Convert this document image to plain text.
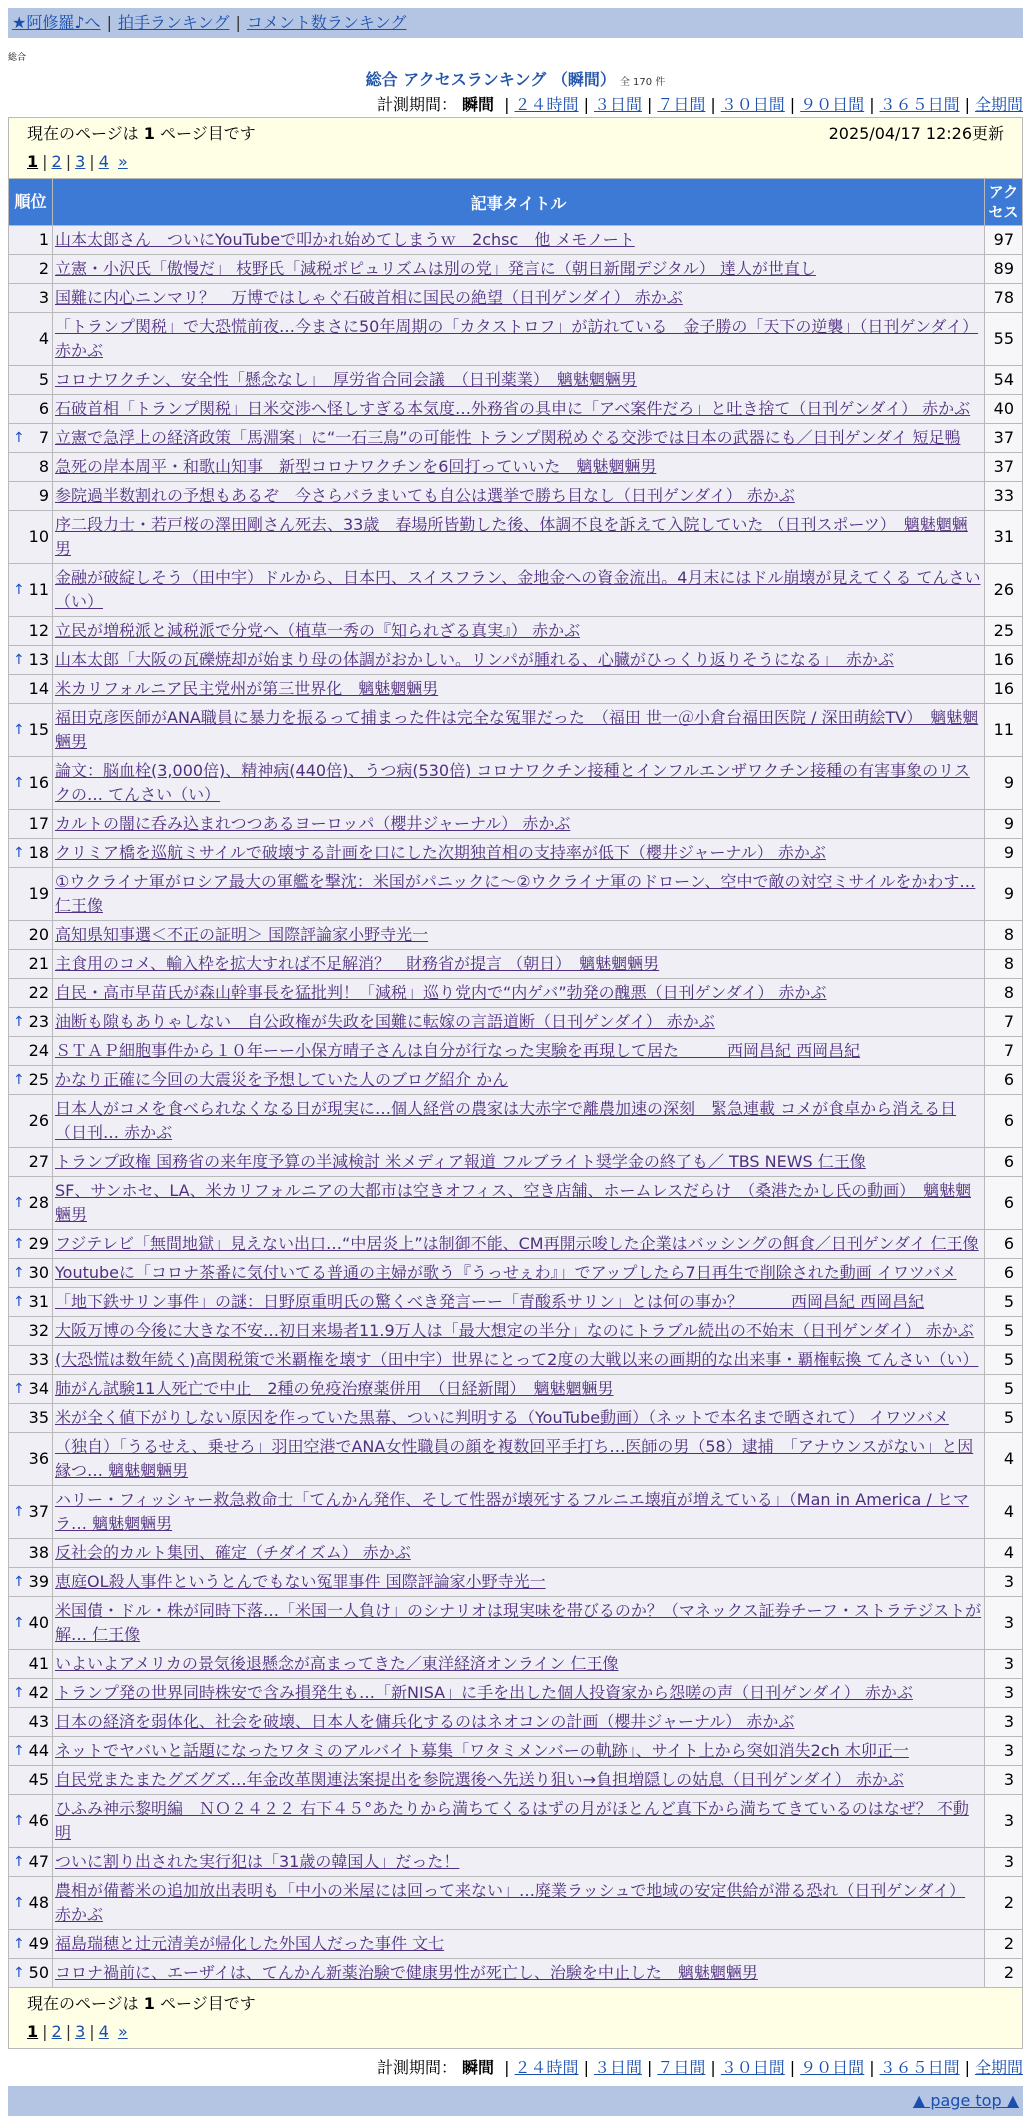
★阿修羅♪へ | 拍手ランキング | コメント数ランキング
総合
総合 アクセスランキング （瞬間） 全 170 件
計測期間： 瞬間 | ２４時間 | ３日間 | ７日間 | ３０日間 | ９０日間 | ３６５日間 | 全期間
現在のページは 1 ページ目です 2025/04/17 12:26更新
1 | 2 | 3 | 4 »		

順位	記事タイトル	アクセス
1	山本太郎さん　ついにYouTubeで叩かれ始めてしまうｗ　2chsc　他 メモノート	97
2	立憲・小沢氏「傲慢だ」 枝野氏「減税ポピュリズムは別の党」発言に（朝日新聞デジタル） 達人が世直し	89
3	国難に内心ニンマリ？　万博ではしゃぐ石破首相に国民の絶望（日刊ゲンダイ） 赤かぶ	78
4	「トランプ関税」で大恐慌前夜…今まさに50年周期の「カタストロフ」が訪れている　金子勝の「天下の逆襲」（日刊ゲンダイ） 赤かぶ	55
5	コロナワクチン、安全性「懸念なし」　厚労省合同会議　（日刊薬業）　魑魅魍魎男	54
6	石破首相「トランプ関税」日米交渉へ怪しすぎる本気度…外務省の具申に「アベ案件だろ」と吐き捨て（日刊ゲンダイ） 赤かぶ	40

↑ 7	立憲で急浮上の経済政策「馬淵案」に“一石三鳥”の可能性 トランプ関税めぐる交渉では日本の武器にも／日刊ゲンダイ 短足鴨	37
8	急死の岸本周平・和歌山知事　新型コロナワクチンを6回打っていいた　魑魅魍魎男	37
9	参院過半数割れの予想もあるぞ　今さらバラまいても自公は選挙で勝ち目なし（日刊ゲンダイ） 赤かぶ	33
10	序二段力士・若戸桜の澤田剛さん死去、33歳　春場所皆勤した後、体調不良を訴えて入院していた （日刊スポーツ）　魑魅魍魎男	31

↑ 11	金融が破綻しそう（田中宇）ドルから、日本円、スイスフラン、金地金への資金流出。4月末にはドル崩壊が見えてくる てんさい（い）	26
12	立民が増税派と減税派で分党へ（植草一秀の『知られざる真実』） 赤かぶ	25

↑ 13	山本太郎「大阪の瓦礫焼却が始まり母の体調がおかしい。リンパが腫れる、心臓がひっくり返りそうになる」　赤かぶ	16
14	米カリフォルニア民主党州が第三世界化　魑魅魍魎男	16

↑ 15	福田克彦医師がANA職員に暴力を振るって捕まった件は完全な冤罪だった　（福田 世一＠小倉台福田医院 / 深田萌絵TV）　魑魅魍魎男	11

↑ 16	論文：脳血栓(3,000倍)、精神病(440倍)、うつ病(530倍) コロナワクチン接種とインフルエンザワクチン接種の有害事象のリスクの… てんさい（い）	9
17	カルトの闇に呑み込まれつつあるヨーロッパ（櫻井ジャーナル） 赤かぶ	9

↑ 18	クリミア橋を巡航ミサイルで破壊する計画を口にした次期独首相の支持率が低下（櫻井ジャーナル） 赤かぶ	9
19	①ウクライナ軍がロシア最大の軍艦を撃沈：米国がパニックに〜②ウクライナ軍のドローン、空中で敵の対空ミサイルをかわす… 仁王像	9
20	高知県知事選＜不正の証明＞ 国際評論家小野寺光一	8
21	主食用のコメ、輸入枠を拡大すれば不足解消？　財務省が提言 （朝日）　魑魅魍魎男	8
22	自民・高市早苗氏が森山幹事長を猛批判！「減税」巡り党内で“内ゲバ”勃発の醜悪（日刊ゲンダイ） 赤かぶ	8

↑ 23	油断も隙もありゃしない　自公政権が失政を国難に転嫁の言語道断（日刊ゲンダイ） 赤かぶ	7
24	ＳＴＡＰ細胞事件から１０年ーー小保方晴子さんは自分が行なった実験を再現して居た　　　西岡昌紀 西岡昌紀	7

↑ 25	かなり正確に今回の大震災を予想していた人のブログ紹介 かん	6
26	日本人がコメを食べられなくなる日が現実に…個人経営の農家は大赤字で離農加速の深刻　緊急連載 コメが食卓から消える日（日刊… 赤かぶ	6
27	トランプ政権 国務省の来年度予算の半減検討 米メディア報道 フルブライト奨学金の終了も／ TBS NEWS 仁王像	6

↑ 28	SF、サンホセ、LA、米カリフォルニアの大都市は空きオフィス、空き店舗、ホームレスだらけ　（桑港たかし氏の動画）　魑魅魍魎男	6

↑ 29	フジテレビ「無間地獄」見えない出口…“中居炎上”は制御不能、CM再開示唆した企業はバッシングの餌食／日刊ゲンダイ 仁王像	6

↑ 30	Youtubeに「コロナ茶番に気付いてる普通の主婦が歌う『うっせぇわ』」でアップしたら7日再生で削除された動画 イワツバメ	6

↑ 31	「地下鉄サリン事件」の謎：日野原重明氏の驚くべき発言ーー「青酸系サリン」とは何の事か？　　　西岡昌紀 西岡昌紀	5
32	大阪万博の今後に大きな不安…初日来場者11.9万人は「最大想定の半分」なのにトラブル続出の不始末（日刊ゲンダイ） 赤かぶ	5
33	(大恐慌は数年続く)高関税策で米覇権を壊す（田中宇）世界にとって2度の大戦以来の画期的な出来事・覇権転換 てんさい（い）	5

↑ 34	肺がん試験11人死亡で中止　2種の免疫治療薬併用　（日経新聞）　魑魅魍魎男	5
35	米が全く値下がりしない原因を作っていた黒幕、ついに判明する（YouTube動画）（ネットで本名まで晒されて） イワツバメ	5
36	（独自）「うるせえ、乗せろ」羽田空港でANA女性職員の顔を複数回平手打ち…医師の男（58）逮捕　「アナウンスがない」と因縁つ… 魑魅魍魎男	4

↑ 37	ハリー・フィッシャー救急救命士「てんかん発作、そして性器が壊死するフルニエ壊疽が増えている」（Man in America / ヒマラ… 魑魅魍魎男	4
38	反社会的カルト集団、確定（チダイズム） 赤かぶ	4

↑ 39	恵庭OL殺人事件というとんでもない冤罪事件 国際評論家小野寺光一	3

↑ 40	米国債・ドル・株が同時下落…「米国一人負け」のシナリオは現実味を帯びるのか？（マネックス証券チーフ・ストラテジストが解… 仁王像	3
41	いよいよアメリカの景気後退懸念が高まってきた／東洋経済オンライン 仁王像	3

↑ 42	トランプ発の世界同時株安で含み損発生も…「新NISA」に手を出した個人投資家から怨嗟の声（日刊ゲンダイ） 赤かぶ	3
43	日本の経済を弱体化、社会を破壊、日本人を傭兵化するのはネオコンの計画（櫻井ジャーナル） 赤かぶ	3

↑ 44	ネットでヤバいと話題になったワタミのアルバイト募集「ワタミメンバーの軌跡」、サイト上から突如消失2ch 木卯正一	3
45	自民党またまたグズグズ…年金改革関連法案提出を参院選後へ先送り狙い→負担増隠しの姑息（日刊ゲンダイ） 赤かぶ	3

↑ 46	ひふみ神示黎明編　ＮＯ２４２２ 右下４５°あたりから満ちてくるはずの月がほとんど真下から満ちてきているのはなぜ？ 不動明	3

↑ 47	ついに割り出された実行犯は「31歳の韓国人」だった！	3

↑ 48	農相が備蓄米の追加放出表明も「中小の米屋には回って来ない」…廃業ラッシュで地域の安定供給が滞る恐れ（日刊ゲンダイ） 赤かぶ	2

↑ 49	福島瑞穂と辻元清美が帰化した外国人だった事件 文七	2

↑ 50	コロナ禍前に、エーザイは、てんかん新薬治験で健康男性が死亡し、治験を中止した　魑魅魍魎男	2

現在のページは 1 ページ目です
1 | 2 | 3 | 4 »		
計測期間： 瞬間 | ２４時間 | ３日間 | ７日間 | ３０日間 | ９０日間 | ３６５日間 | 全期間
▲ page top ▲
